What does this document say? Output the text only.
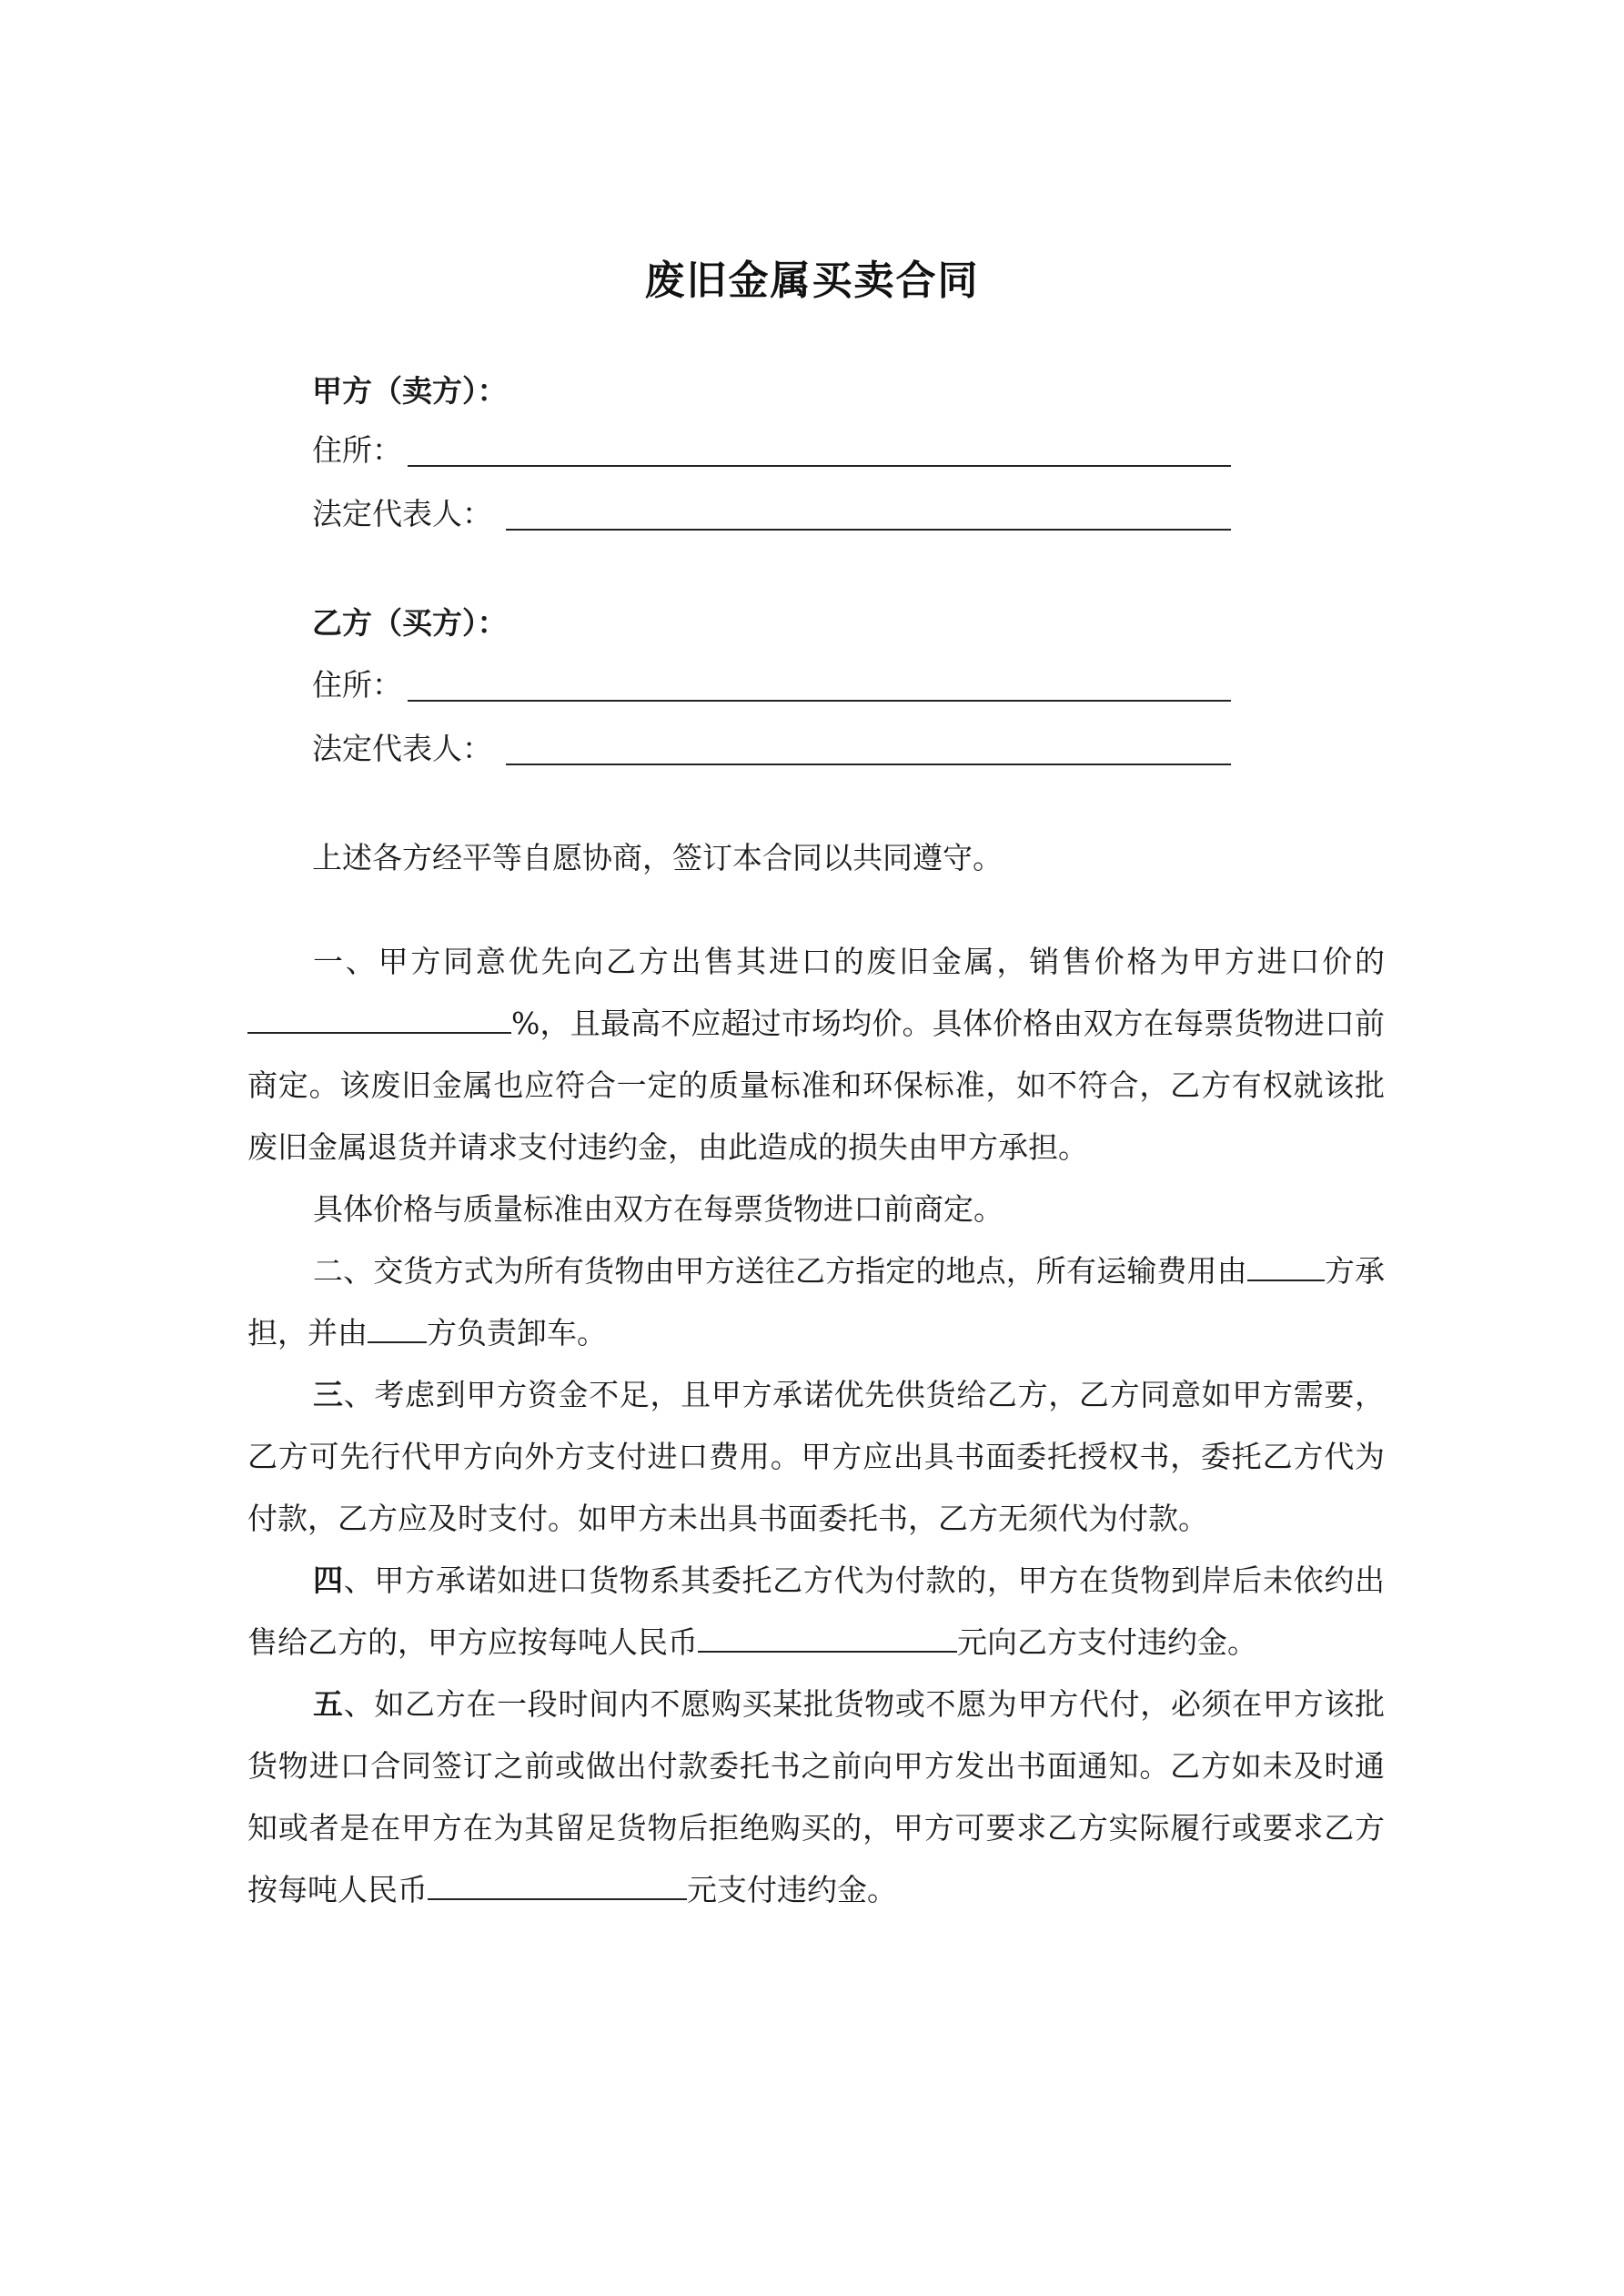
废旧金属买卖合同
甲方（卖方）：
住所：
法定代表人：
乙方（买方）：
住所：
法定代表人：
上述各方经平等自愿协商，签订本合同以共同遵守。

一、甲方同意优先向乙方出售其进口的废旧金属，销售价格为甲方进口价的%，且最高不应超过市场均价。具体价格由双方在每票货物进口前商定。该废旧金属也应符合一定的质量标准和环保标准，如不符合，乙方有权就该批废旧金属退货并请求支付违约金，由此造成的损失由甲方承担。

具体价格与质量标准由双方在每票货物进口前商定。

二、交货方式为所有货物由甲方送往乙方指定的地点，所有运输费用由	方承担，并由 方负责卸车。

三、考虑到甲方资金不足，且甲方承诺优先供货给乙方，乙方同意如甲方需要，乙方可先行代甲方向外方支付进口费用。甲方应出具书面委托授权书，委托乙方代为付款，乙方应及时支付。如甲方未出具书面委托书，乙方无须代为付款。

四、甲方承诺如进口货物系其委托乙方代为付款的，甲方在货物到岸后未依约出售给乙方的，甲方应按每吨人民币	元向乙方支付违约金。

五、如乙方在一段时间内不愿购买某批货物或不愿为甲方代付，必须在甲方该批货物进口合同签订之前或做出付款委托书之前向甲方发出书面通知。乙方如未及时通知或者是在甲方在为其留足货物后拒绝购买的，甲方可要求乙方实际履行或要求乙方按每吨人民币	元支付违约金。
